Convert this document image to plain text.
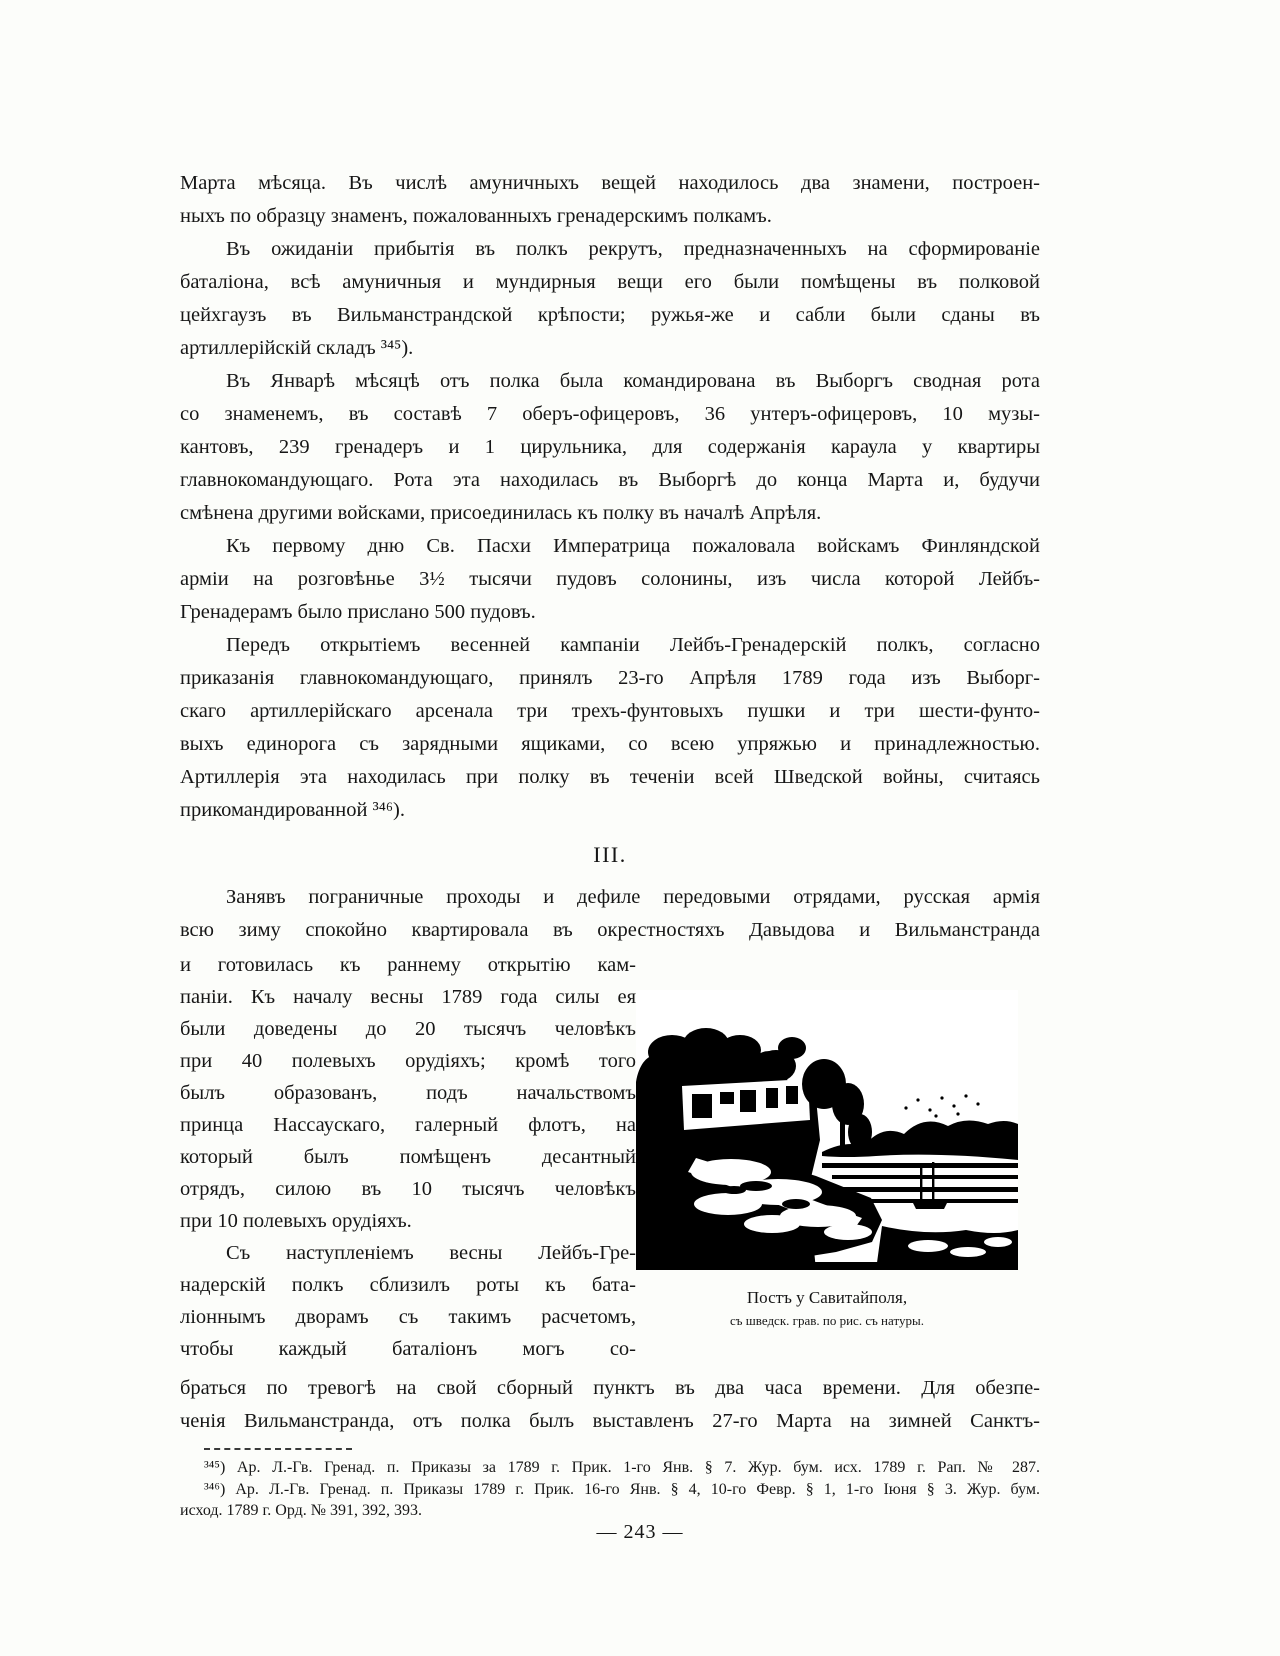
Марта мѣсяца. Въ числѣ амуничныхъ вещей находилось два знамени, построен-
ныхъ по образцу знаменъ, пожалованныхъ гренадерскимъ полкамъ.
Въ ожиданіи прибытія въ полкъ рекрутъ, предназначенныхъ на сформированіе
баталіона, всѣ амуничныя и мундирныя вещи его были помѣщены въ полковой
цейхгаузъ въ Вильманстрандской крѣпости; ружья-же и сабли были сданы въ
артиллерійскій складъ ³⁴⁵).
Въ Январѣ мѣсяцѣ отъ полка была командирована въ Выборгъ сводная рота
со знаменемъ, въ составѣ 7 оберъ-офицеровъ, 36 унтеръ-офицеровъ, 10 музы-
кантовъ, 239 гренадеръ и 1 цирульника, для содержанія караула у квартиры
главнокомандующаго. Рота эта находилась въ Выборгѣ до конца Марта и, будучи
смѣнена другими войсками, присоединилась къ полку въ началѣ Апрѣля.
Къ первому дню Св. Пасхи Императрица пожаловала войскамъ Финляндской
арміи на розговѣнье 3½ тысячи пудовъ солонины, изъ числа которой Лейбъ-
Гренадерамъ было прислано 500 пудовъ.
Передъ открытіемъ весенней кампаніи Лейбъ-Гренадерскій полкъ, согласно
приказанія главнокомандующаго, принялъ 23-го Апрѣля 1789 года изъ Выборг-
скаго артиллерійскаго арсенала три трехъ-фунтовыхъ пушки и три шести-фунто-
выхъ единорога съ зарядными ящиками, со всею упряжью и принадлежностью.
Артиллерія эта находилась при полку въ теченіи всей Шведской войны, считаясь
прикомандированной ³⁴⁶).
III.
Занявъ пограничные проходы и дефиле передовыми отрядами, русская армія
всю зиму спокойно квартировала въ окрестностяхъ Давыдова и Вильманстранда
и готовилась къ раннему открытію кам-
паніи. Къ началу весны 1789 года силы ея
были доведены до 20 тысячъ человѣкъ
при 40 полевыхъ орудіяхъ; кромѣ того
былъ образованъ, подъ начальствомъ
принца Нассаускаго, галерный флотъ, на
который былъ помѣщенъ десантный
отрядъ, силою въ 10 тысячъ человѣкъ
при 10 полевыхъ орудіяхъ.
Съ наступленіемъ весны Лейбъ-Гре-
надерскій полкъ сблизилъ роты къ бата-
ліоннымъ дворамъ съ такимъ расчетомъ,
чтобы каждый баталіонъ могъ со-
Постъ у Савитайполя,
съ шведск. грав. по рис. съ натуры.
браться по тревогѣ на свой сборный пунктъ въ два часа времени. Для обезпе-
ченія Вильманстранда, отъ полка былъ выставленъ 27-го Марта на зимней Санктъ-
³⁴⁵) Ар. Л.-Гв. Гренад. п. Приказы за 1789 г. Прик. 1-го Янв. § 7. Жур. бум. исх. 1789 г. Рап. № 287.
³⁴⁶) Ар. Л.-Гв. Гренад. п. Приказы 1789 г. Прик. 16-го Янв. § 4, 10-го Февр. § 1, 1-го Іюня § 3. Жур. бум.
исход. 1789 г. Орд. № 391, 392, 393.
— 243 —
